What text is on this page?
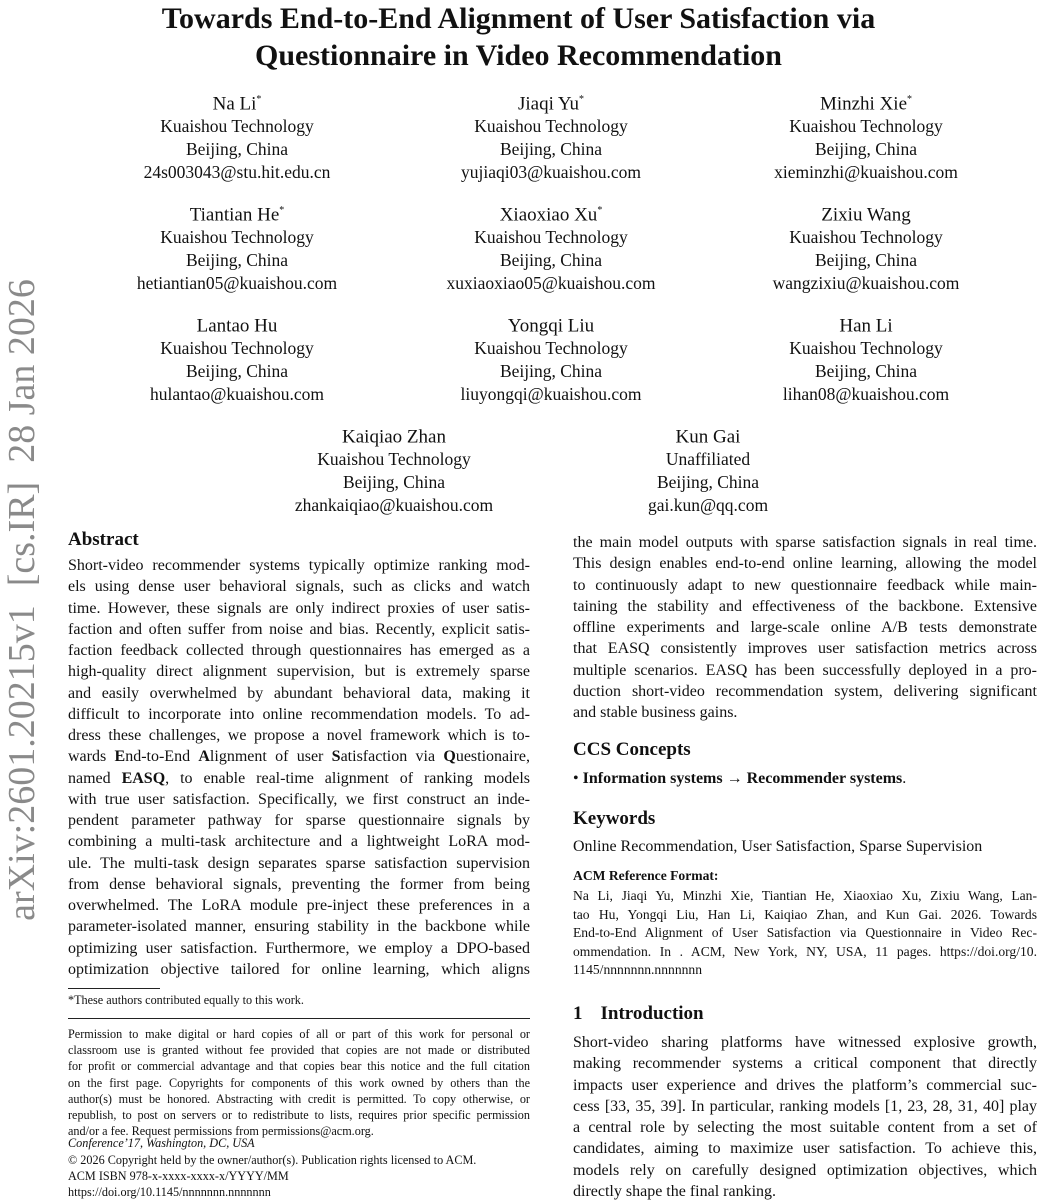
Towards End-to-End Alignment of User Satisfaction via
Questionnaire in Video Recommendation
arXiv:2601.20215v1  [cs.IR]  28 Jan 2026
Na Li*
Kuaishou Technology
Beijing, China
24s003043@stu.hit.edu.cn
Jiaqi Yu*
Kuaishou Technology
Beijing, China
yujiaqi03@kuaishou.com
Minzhi Xie*
Kuaishou Technology
Beijing, China
xieminzhi@kuaishou.com
Tiantian He*
Kuaishou Technology
Beijing, China
hetiantian05@kuaishou.com
Xiaoxiao Xu*
Kuaishou Technology
Beijing, China
xuxiaoxiao05@kuaishou.com
Zixiu Wang
Kuaishou Technology
Beijing, China
wangzixiu@kuaishou.com
Lantao Hu
Kuaishou Technology
Beijing, China
hulantao@kuaishou.com
Yongqi Liu
Kuaishou Technology
Beijing, China
liuyongqi@kuaishou.com
Han Li
Kuaishou Technology
Beijing, China
lihan08@kuaishou.com
Kaiqiao Zhan
Kuaishou Technology
Beijing, China
zhankaiqiao@kuaishou.com
Kun Gai
Unaffiliated
Beijing, China
gai.kun@qq.com
Abstract
Short-video recommender systems typically optimize ranking mod-
els using dense user behavioral signals, such as clicks and watch
time. However, these signals are only indirect proxies of user satis-
faction and often suffer from noise and bias. Recently, explicit satis-
faction feedback collected through questionnaires has emerged as a
high-quality direct alignment supervision, but is extremely sparse
and easily overwhelmed by abundant behavioral data, making it
difficult to incorporate into online recommendation models. To ad-
dress these challenges, we propose a novel framework which is to-
wards End-to-End Alignment of user Satisfaction via Questionaire,
named EASQ, to enable real-time alignment of ranking models
with true user satisfaction. Specifically, we first construct an inde-
pendent parameter pathway for sparse questionnaire signals by
combining a multi-task architecture and a lightweight LoRA mod-
ule. The multi-task design separates sparse satisfaction supervision
from dense behavioral signals, preventing the former from being
overwhelmed. The LoRA module pre-inject these preferences in a
parameter-isolated manner, ensuring stability in the backbone while
optimizing user satisfaction. Furthermore, we employ a DPO-based
optimization objective tailored for online learning, which aligns
the main model outputs with sparse satisfaction signals in real time.
This design enables end-to-end online learning, allowing the model
to continuously adapt to new questionnaire feedback while main-
taining the stability and effectiveness of the backbone. Extensive
offline experiments and large-scale online A/B tests demonstrate
that EASQ consistently improves user satisfaction metrics across
multiple scenarios. EASQ has been successfully deployed in a pro-
duction short-video recommendation system, delivering significant
and stable business gains.
CCS Concepts
• Information systems → Recommender systems.
Keywords
Online Recommendation, User Satisfaction, Sparse Supervision
ACM Reference Format:
Na Li, Jiaqi Yu, Minzhi Xie, Tiantian He, Xiaoxiao Xu, Zixiu Wang, Lan-
tao Hu, Yongqi Liu, Han Li, Kaiqiao Zhan, and Kun Gai. 2026. Towards
End-to-End Alignment of User Satisfaction via Questionnaire in Video Rec-
ommendation. In . ACM, New York, NY, USA, 11 pages. https://doi.org/10.
1145/nnnnnnn.nnnnnnn
1 Introduction
Short-video sharing platforms have witnessed explosive growth,
making recommender systems a critical component that directly
impacts user experience and drives the platform’s commercial suc-
cess [33, 35, 39]. In particular, ranking models [1, 23, 28, 31, 40] play
a central role by selecting the most suitable content from a set of
candidates, aiming to maximize user satisfaction. To achieve this,
models rely on carefully designed optimization objectives, which
directly shape the final ranking.
*These authors contributed equally to this work.
Permission to make digital or hard copies of all or part of this work for personal or
classroom use is granted without fee provided that copies are not made or distributed
for profit or commercial advantage and that copies bear this notice and the full citation
on the first page. Copyrights for components of this work owned by others than the
author(s) must be honored. Abstracting with credit is permitted. To copy otherwise, or
republish, to post on servers or to redistribute to lists, requires prior specific permission
and/or a fee. Request permissions from permissions@acm.org.
Conference’17, Washington, DC, USA
© 2026 Copyright held by the owner/author(s). Publication rights licensed to ACM.
ACM ISBN 978-x-xxxx-xxxx-x/YYYY/MM
https://doi.org/10.1145/nnnnnnn.nnnnnnn
